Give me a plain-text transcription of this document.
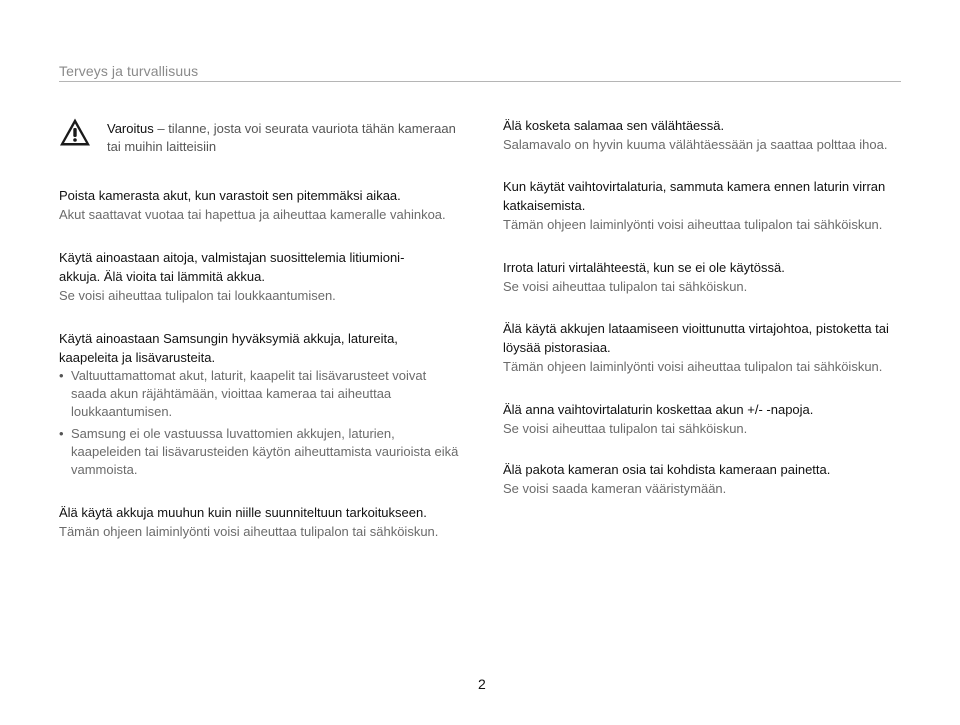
Terveys ja turvallisuus
Varoitus – tilanne, josta voi seurata vauriota tähän kameraan tai muihin laitteisiin

Poista kamerasta akut, kun varastoit sen pitemmäksi aikaa.

Akut saattavat vuotaa tai hapettua ja aiheuttaa kameralle vahinkoa.

Käytä ainoastaan aitoja, valmistajan suosittelemia litiumioni-akkuja. Älä vioita tai lämmitä akkua.

Se voisi aiheuttaa tulipalon tai loukkaantumisen.

Käytä ainoastaan Samsungin hyväksymiä akkuja, latureita, kaapeleita ja lisävarusteita.

• Valtuuttamattomat akut, laturit, kaapelit tai lisävarusteet voivat saada akun räjähtämään, vioittaa kameraa tai aiheuttaa loukkaantumisen.
• Samsung ei ole vastuussa luvattomien akkujen, laturien, kaapeleiden tai lisävarusteiden käytön aiheuttamista vaurioista eikä vammoista.

Älä käytä akkuja muuhun kuin niille suunniteltuun tarkoitukseen.

Tämän ohjeen laiminlyönti voisi aiheuttaa tulipalon tai sähköiskun.

Älä kosketa salamaa sen välähtäessä.

Salamavalo on hyvin kuuma välähtäessään ja saattaa polttaa ihoa.

Kun käytät vaihtovirtalaturia, sammuta kamera ennen laturin virran katkaisemista.

Tämän ohjeen laiminlyönti voisi aiheuttaa tulipalon tai sähköiskun.

Irrota laturi virtalähteestä, kun se ei ole käytössä.

Se voisi aiheuttaa tulipalon tai sähköiskun.

Älä käytä akkujen lataamiseen vioittunutta virtajohtoa, pistoketta tai löysää pistorasiaa.

Tämän ohjeen laiminlyönti voisi aiheuttaa tulipalon tai sähköiskun.

Älä anna vaihtovirtalaturin koskettaa akun +/- -napoja.

Se voisi aiheuttaa tulipalon tai sähköiskun.

Älä pakota kameran osia tai kohdista kameraan painetta.

Se voisi saada kameran vääristymään.

2
